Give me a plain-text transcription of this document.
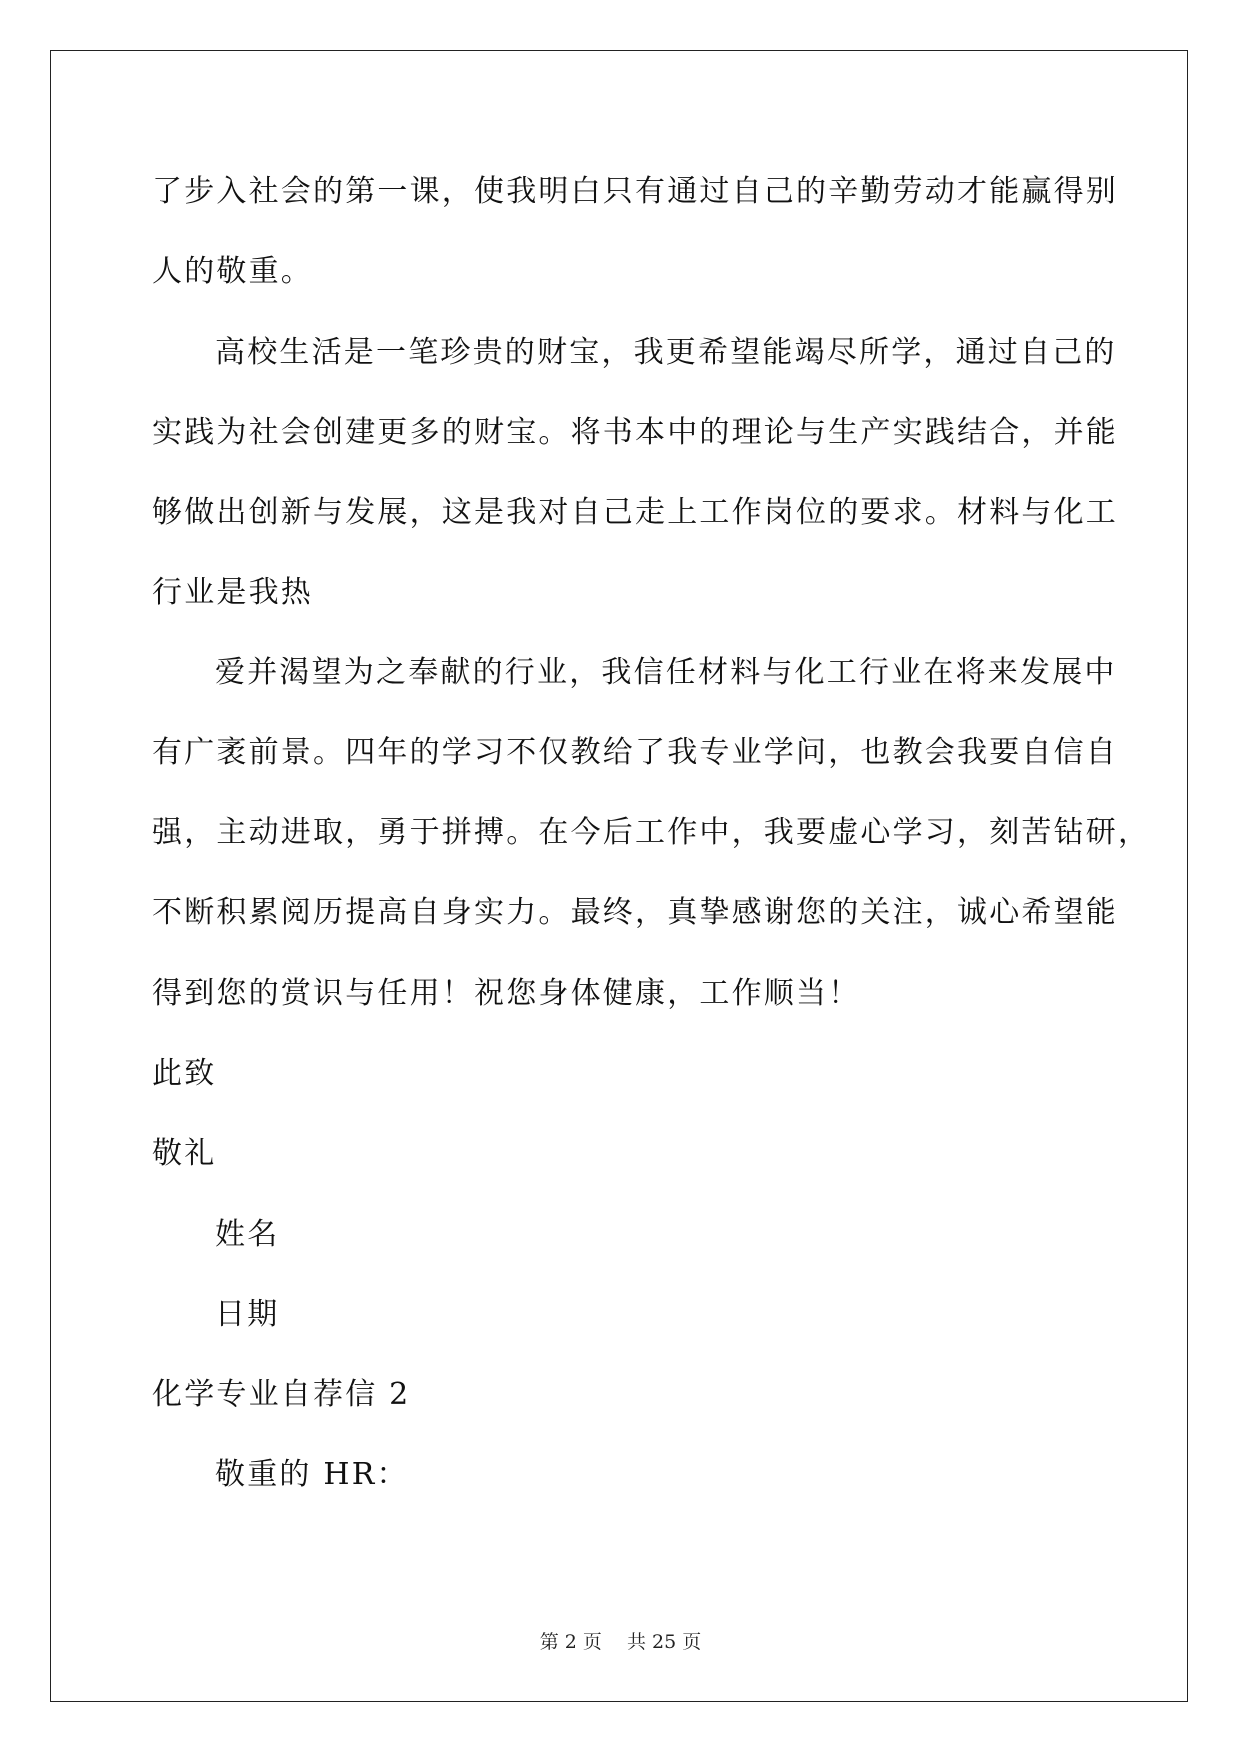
了步入社会的第一课，使我明白只有通过自己的辛勤劳动才能赢得别
人的敬重。
高校生活是一笔珍贵的财宝，我更希望能竭尽所学，通过自己的
实践为社会创建更多的财宝。将书本中的理论与生产实践结合，并能
够做出创新与发展，这是我对自己走上工作岗位的要求。材料与化工
行业是我热
爱并渴望为之奉献的行业，我信任材料与化工行业在将来发展中
有广袤前景。四年的学习不仅教给了我专业学问，也教会我要自信自
强，主动进取，勇于拼搏。在今后工作中，我要虚心学习，刻苦钻研，
不断积累阅历提高自身实力。最终，真挚感谢您的关注，诚心希望能
得到您的赏识与任用！祝您身体健康，工作顺当！
此致
敬礼
姓名
日期
化学专业自荐信 2
敬重的 HR：
第 2 页　 共 25 页
